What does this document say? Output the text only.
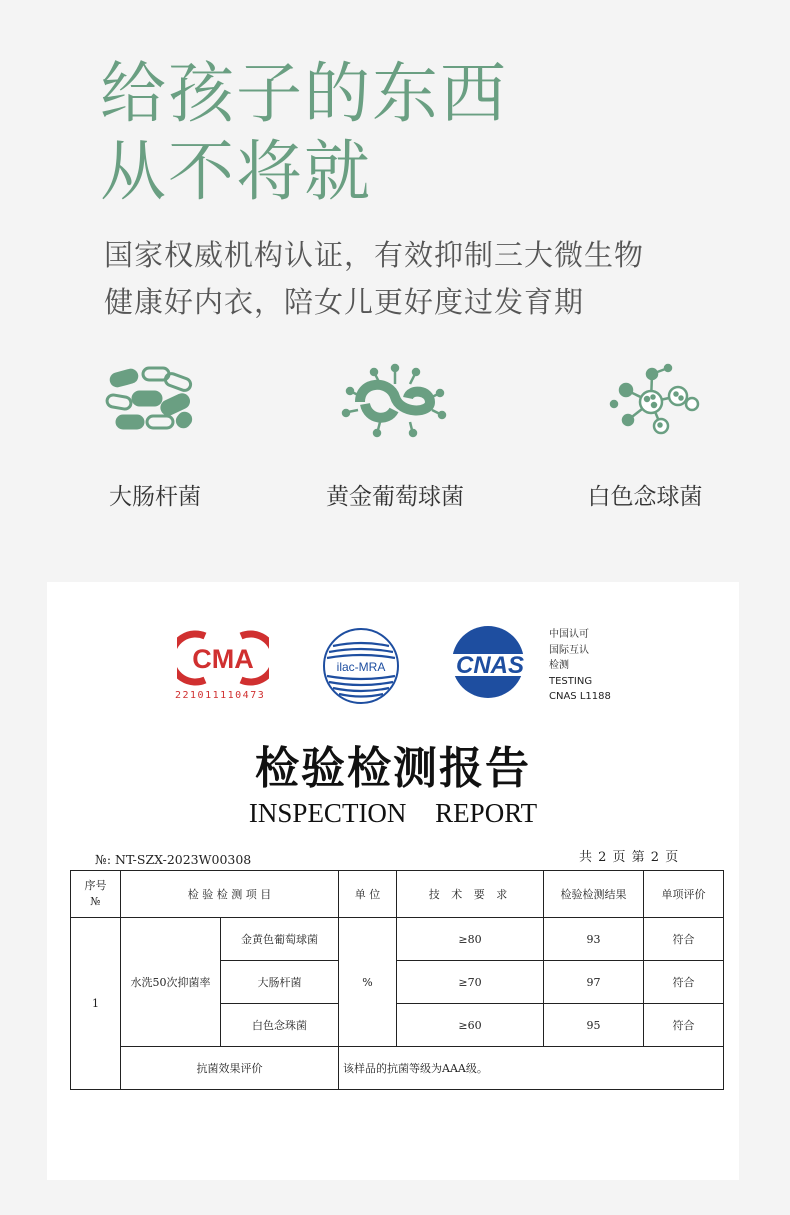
给孩子的东西
从不将就
国家权威机构认证，有效抑制三大微生物
健康好内衣，陪女儿更好度过发育期
大肠杆菌	黄金葡萄球菌	白色念球菌
CMA
221011110473
ilac-MRA	CNAS
中国认可
国际互认
检测
TESTING
CNAS L1188
检验检测报告
INSPECTION REPORT
№: NT-SZX-2023W00308	共 2 页 第 2 页
序号
№	检 验 检 测 项 目		单 位	技 术 要 求	检验检测结果	单项评价
1	水洗50次抑菌率	金黄色葡萄球菌	%	≥80	93	符合
		大肠杆菌		≥70	97	符合
		白色念珠菌		≥60	95	符合
	抗菌效果评价		该样品的抗菌等级为AAA级。			
